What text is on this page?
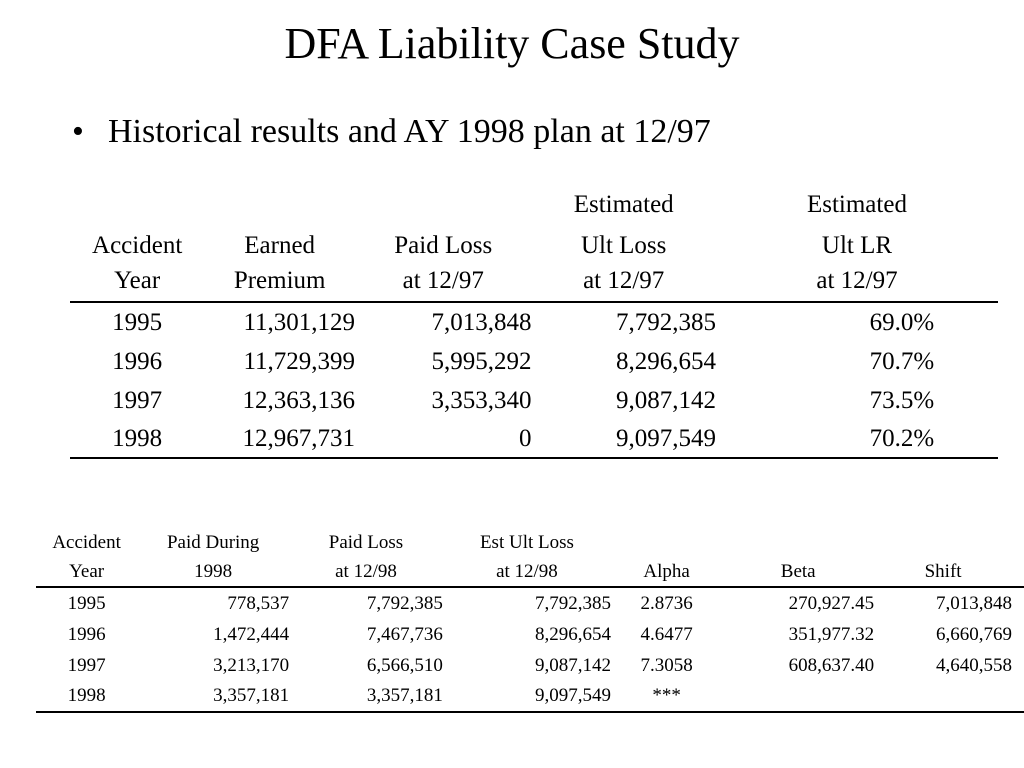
DFA Liability Case Study
• Historical results and AY 1998 plan at 12/97
			Estimated	Estimated
Accident	Earned	Paid Loss	Ult Loss	Ult LR
Year	Premium	at 12/97	at 12/97	at 12/97
1995	11,301,129	7,013,848	7,792,385	69.0%
1996	11,729,399	5,995,292	8,296,654	70.7%
1997	12,363,136	3,353,340	9,087,142	73.5%
1998	12,967,731	0	9,097,549	70.2%
Accident	Paid During	Paid Loss	Est Ult Loss			
Year	1998	at 12/98	at 12/98	Alpha	Beta	Shift
1995	778,537	7,792,385	7,792,385	2.8736	270,927.45	7,013,848
1996	1,472,444	7,467,736	8,296,654	4.6477	351,977.32	6,660,769
1997	3,213,170	6,566,510	9,087,142	7.3058	608,637.40	4,640,558
1998	3,357,181	3,357,181	9,097,549	***		
